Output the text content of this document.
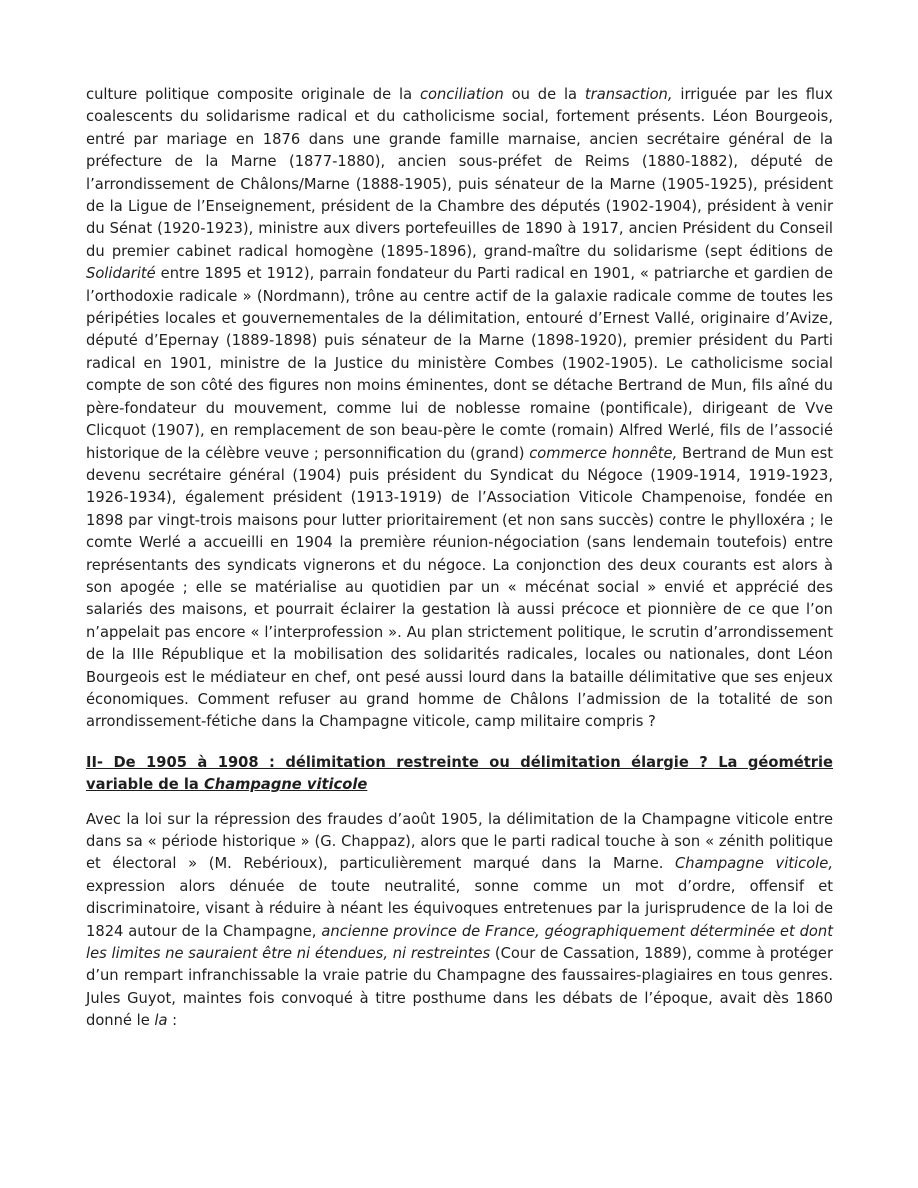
culture politique composite originale de la conciliation ou de la transaction, irriguée par les flux coalescents du solidarisme radical et du catholicisme social, fortement présents. Léon Bourgeois, entré par mariage en 1876 dans une grande famille marnaise, ancien secrétaire général de la préfecture de la Marne (1877-1880), ancien sous-préfet de Reims (1880-1882), député de l’arrondissement de Châlons/Marne (1888-1905), puis sénateur de la Marne (1905-1925), président de la Ligue de l’Enseignement, président de la Chambre des députés (1902-1904), président à venir du Sénat (1920-1923), ministre aux divers portefeuilles de 1890 à 1917, ancien Président du Conseil du premier cabinet radical homogène (1895-1896), grand-maître du solidarisme (sept éditions de Solidarité entre 1895 et 1912), parrain fondateur du Parti radical en 1901, « patriarche et gardien de l’orthodoxie radicale » (Nordmann), trône au centre actif de la galaxie radicale comme de toutes les péripéties locales et gouvernementales de la délimitation, entouré d’Ernest Vallé, originaire d’Avize, député d’Epernay (1889-1898) puis sénateur de la Marne (1898-1920), premier président du Parti radical en 1901, ministre de la Justice du ministère Combes (1902-1905). Le catholicisme social compte de son côté des figures non moins éminentes, dont se détache Bertrand de Mun, fils aîné du père-fondateur du mouvement, comme lui de noblesse romaine (pontificale), dirigeant de Vve Clicquot (1907), en remplacement de son beau-père le comte (romain) Alfred Werlé, fils de l’associé historique de la célèbre veuve ; personnification du (grand) commerce honnête, Bertrand de Mun est devenu secrétaire général (1904) puis président du Syndicat du Négoce (1909-1914, 1919-1923, 1926-1934), également président (1913-1919) de l’Association Viticole Champenoise, fondée en 1898 par vingt-trois maisons pour lutter prioritairement (et non sans succès) contre le phylloxéra ; le comte Werlé a accueilli en 1904 la première réunion-négociation (sans lendemain toutefois) entre représentants des syndicats vignerons et du négoce. La conjonction des deux courants est alors à son apogée ; elle se matérialise au quotidien par un « mécénat social » envié et apprécié des salariés des maisons, et pourrait éclairer la gestation là aussi précoce et pionnière de ce que l’on n’appelait pas encore « l’interprofession ». Au plan strictement politique, le scrutin d’arrondissement de la IIIe République et la mobilisation des solidarités radicales, locales ou nationales, dont Léon Bourgeois est le médiateur en chef, ont pesé aussi lourd dans la bataille délimitative que ses enjeux économiques. Comment refuser au grand homme de Châlons l’admission de la totalité de son arrondissement-fétiche dans la Champagne viticole, camp militaire compris ?

II- De 1905 à 1908 : délimitation restreinte ou délimitation élargie ? La géométrie variable de la Champagne viticole

Avec la loi sur la répression des fraudes d’août 1905, la délimitation de la Champagne viticole entre dans sa « période historique » (G. Chappaz), alors que le parti radical touche à son « zénith politique et électoral » (M. Rebérioux), particulièrement marqué dans la Marne. Champagne viticole, expression alors dénuée de toute neutralité, sonne comme un mot d’ordre, offensif et discriminatoire, visant à réduire à néant les équivoques entretenues par la jurisprudence de la loi de 1824 autour de la Champagne, ancienne province de France, géographiquement déterminée et dont les limites ne sauraient être ni étendues, ni restreintes (Cour de Cassation, 1889), comme à protéger d’un rempart infranchissable la vraie patrie du Champagne des faussaires-plagiaires en tous genres. Jules Guyot, maintes fois convoqué à titre posthume dans les débats de l’époque, avait dès 1860 donné le la :
